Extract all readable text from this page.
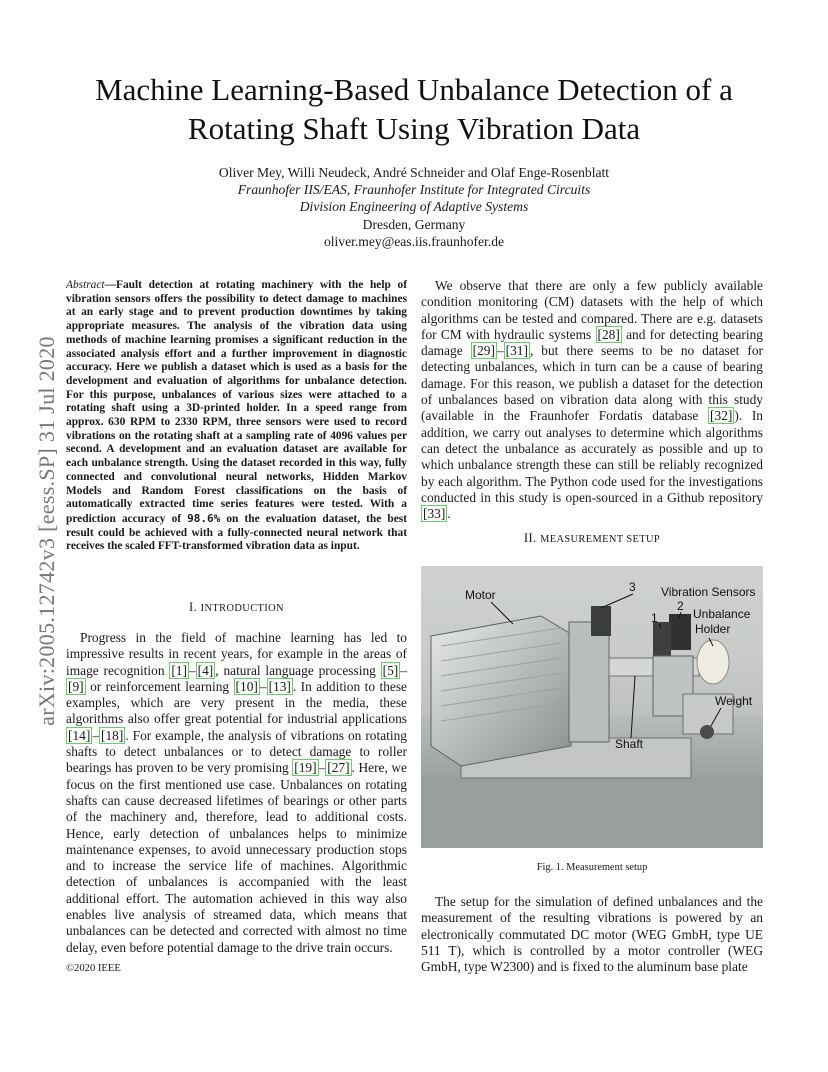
arXiv:2005.12742v3 [eess.SP] 31 Jul 2020
Machine Learning-Based Unbalance Detection of a
Rotating Shaft Using Vibration Data
Oliver Mey, Willi Neudeck, André Schneider and Olaf Enge-Rosenblatt
Fraunhofer IIS/EAS, Fraunhofer Institute for Integrated Circuits
Division Engineering of Adaptive Systems
Dresden, Germany
oliver.mey@eas.iis.fraunhofer.de
Abstract—Fault detection at rotating machinery with the help of vibration sensors offers the possibility to detect damage to machines at an early stage and to prevent production downtimes by taking appropriate measures. The analysis of the vibration data using methods of machine learning promises a significant reduction in the associated analysis effort and a further improvement in diagnostic accuracy. Here we publish a dataset which is used as a basis for the development and evaluation of algorithms for unbalance detection. For this purpose, unbalances of various sizes were attached to a rotating shaft using a 3D-printed holder. In a speed range from approx. 630 RPM to 2330 RPM, three sensors were used to record vibrations on the rotating shaft at a sampling rate of 4096 values per second. A development and an evaluation dataset are available for each unbalance strength. Using the dataset recorded in this way, fully connected and convolutional neural networks, Hidden Markov Models and Random Forest classifications on the basis of automatically extracted time series features were tested. With a prediction accuracy of 98.6% on the evaluation dataset, the best result could be achieved with a fully-connected neural network that receives the scaled FFT-transformed vibration data as input.
I. INTRODUCTION
Progress in the field of machine learning has led to impressive results in recent years, for example in the areas of image recognition [1] – [4] , natural language processing [5] –[9] or reinforcement learning [10] – [13] . In addition to these examples, which are very present in the media, these algorithms also offer great potential for industrial applications [14] – [18] . For example, the analysis of vibrations on rotating shafts to detect unbalances or to detect damage to roller bearings has proven to be very promising [19] – [27] . Here, we focus on the first mentioned use case. Unbalances on rotating shafts can cause decreased lifetimes of bearings or other parts of the machinery and, therefore, lead to additional costs. Hence, early detection of unbalances helps to minimize maintenance expenses, to avoid unnecessary production stops and to increase the service life of machines. Algorithmic detection of unbalances is accompanied with the least additional effort. The automation achieved in this way also enables live analysis of streamed data, which means that unbalances can be detected and corrected with almost no time delay, even before potential damage to the drive train occurs.
©2020 IEEE
We observe that there are only a few publicly available condition monitoring (CM) datasets with the help of which algorithms can be tested and compared. There are e.g. datasets for CM with hydraulic systems [28] and for detecting bearing damage [29] – [31] , but there seems to be no dataset for detecting unbalances, which in turn can be a cause of bearing damage. For this reason, we publish a dataset for the detection of unbalances based on vibration data along with this study (available in the Fraunhofer Fordatis database [32] ). In addition, we carry out analyses to determine which algorithms can detect the unbalance as accurately as possible and up to which unbalance strength these can still be reliably recognized by each algorithm. The Python code used for the investigations conducted in this study is open-sourced in a Github repository [33] .
II. MEASUREMENT SETUP
Motor
3 Vibration Sensors
2
1	Unbalance
Holder
Weight
Shaft
Fig. 1. Measurement setup
The setup for the simulation of defined unbalances and the measurement of the resulting vibrations is powered by an electronically commutated DC motor (WEG GmbH, type UE 511 T), which is controlled by a motor controller (WEG GmbH, type W2300) and is fixed to the aluminum base plate
